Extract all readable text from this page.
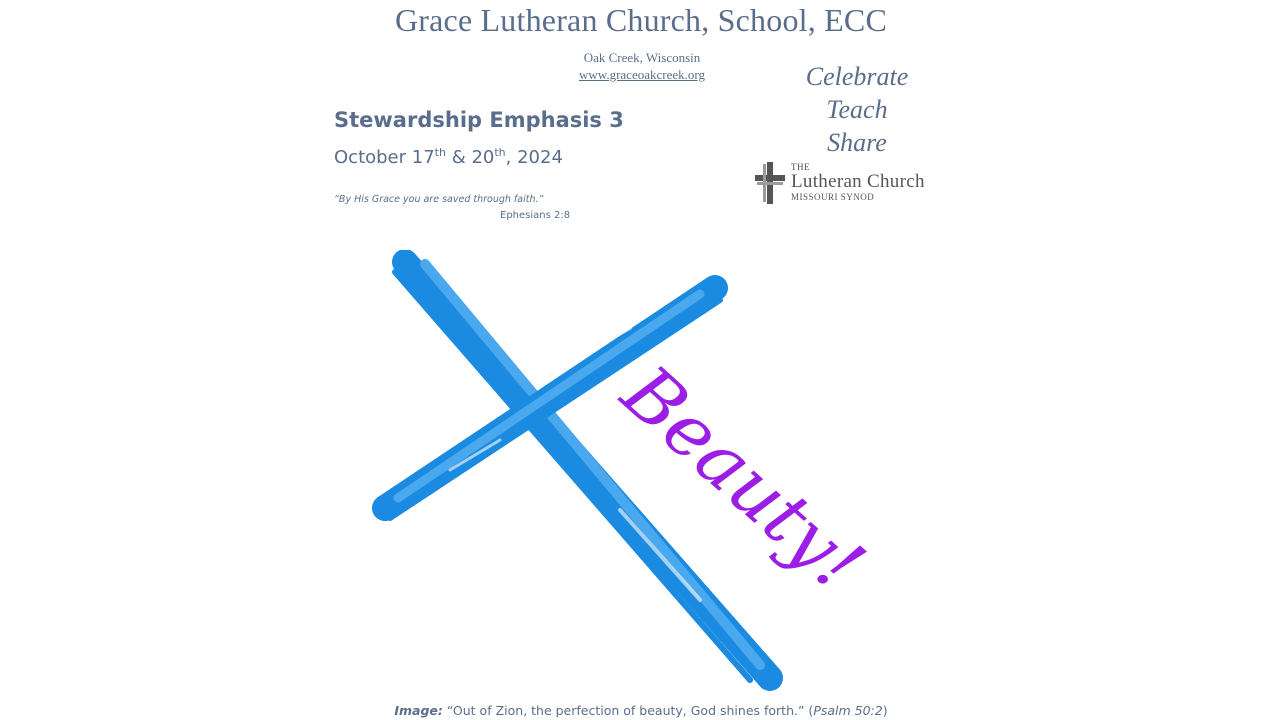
Grace Lutheran Church, School, ECC
Oak Creek, Wisconsin
www.graceoakcreek.org	Celebrate
Teach
Share
THE
Lutheran Church
MISSOURI SYNOD
Stewardship Emphasis 3
October 17th & 20th, 2024
“By His Grace you are saved through faith.”
Ephesians 2:8
Beauty!
Image: “Out of Zion, the perfection of beauty, God shines forth.” (Psalm 50:2)
